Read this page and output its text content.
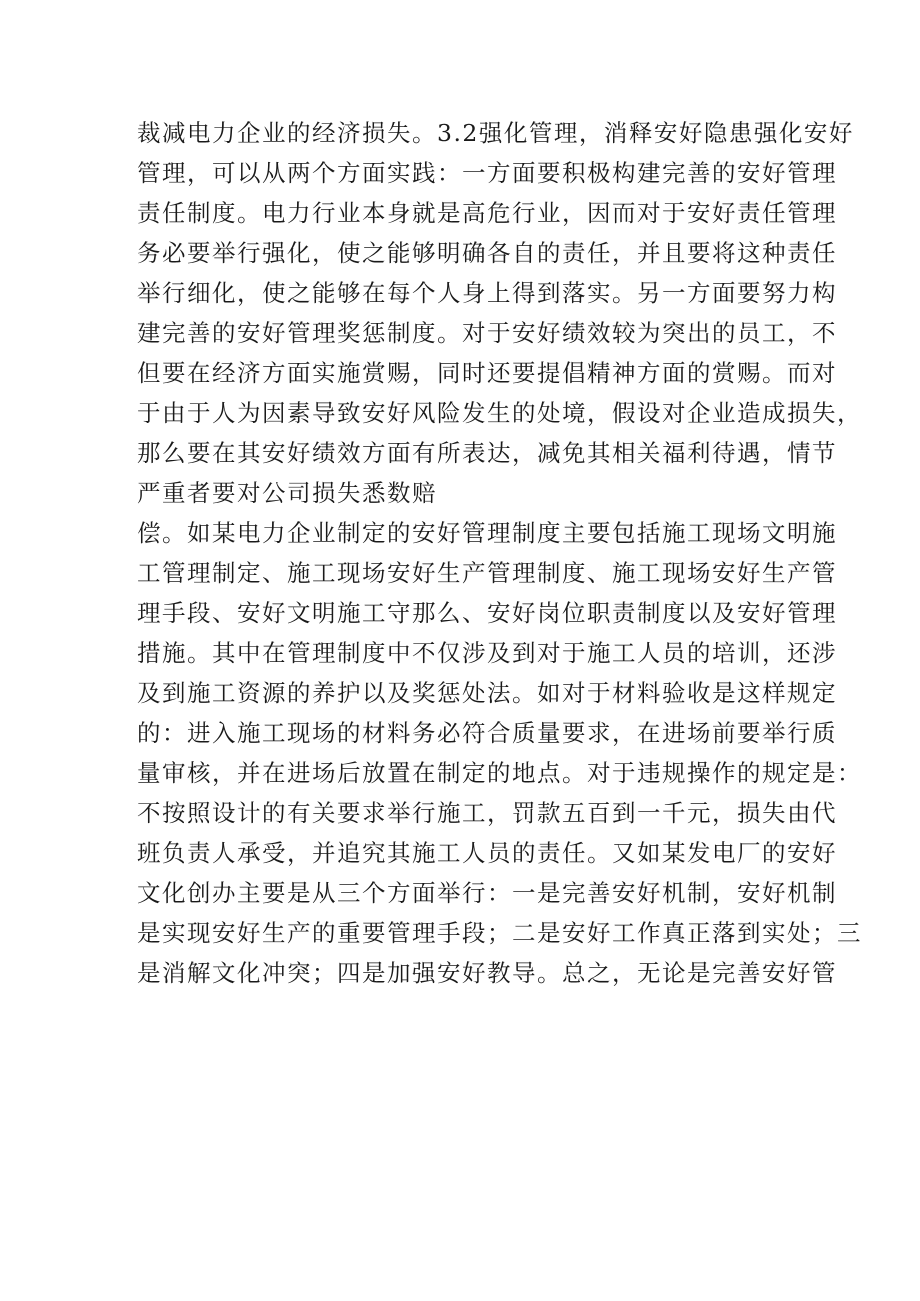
裁减电力企业的经济损失。3.2强化管理，消释安好隐患强化安好
管理，可以从两个方面实践：一方面要积极构建完善的安好管理
责任制度。电力行业本身就是高危行业，因而对于安好责任管理
务必要举行强化，使之能够明确各自的责任，并且要将这种责任
举行细化，使之能够在每个人身上得到落实。另一方面要努力构
建完善的安好管理奖惩制度。对于安好绩效较为突出的员工，不
但要在经济方面实施赏赐，同时还要提倡精神方面的赏赐。而对
于由于人为因素导致安好风险发生的处境，假设对企业造成损失，
那么要在其安好绩效方面有所表达，减免其相关福利待遇，情节
严重者要对公司损失悉数赔
偿。如某电力企业制定的安好管理制度主要包括施工现场文明施
工管理制定、施工现场安好生产管理制度、施工现场安好生产管
理手段、安好文明施工守那么、安好岗位职责制度以及安好管理
措施。其中在管理制度中不仅涉及到对于施工人员的培训，还涉
及到施工资源的养护以及奖惩处法。如对于材料验收是这样规定
的：进入施工现场的材料务必符合质量要求，在进场前要举行质
量审核，并在进场后放置在制定的地点。对于违规操作的规定是：
不按照设计的有关要求举行施工，罚款五百到一千元，损失由代
班负责人承受，并追究其施工人员的责任。又如某发电厂的安好
文化创办主要是从三个方面举行：一是完善安好机制，安好机制
是实现安好生产的重要管理手段；二是安好工作真正落到实处；三
是消解文化冲突；四是加强安好教导。总之，无论是完善安好管
